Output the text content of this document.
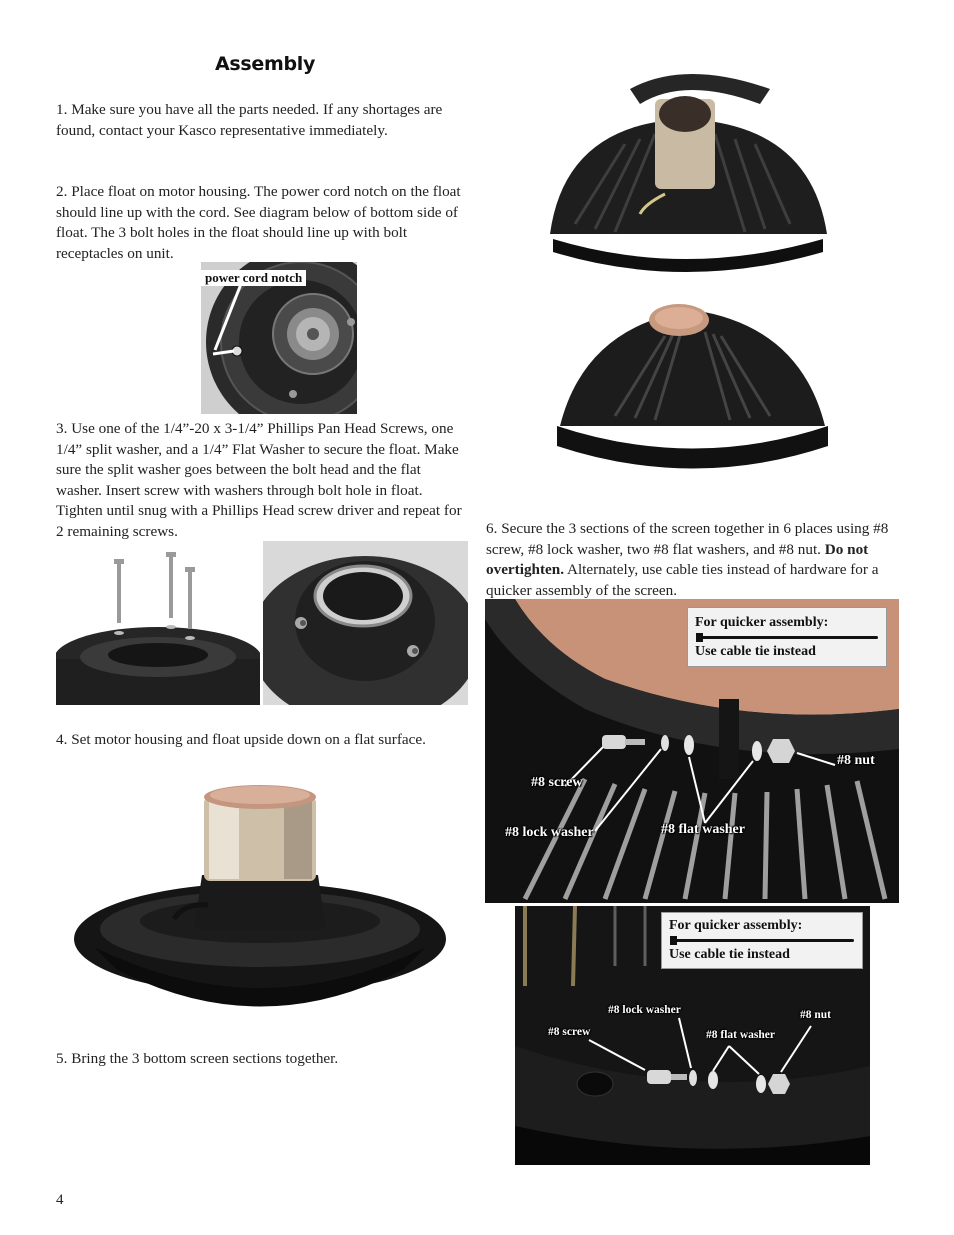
Assembly

1. Make sure you have all the parts needed. If any shortages are found, contact your Kasco representative immediately.

2. Place float on motor housing. The power cord notch on the float should line up with the cord. See diagram below of bottom side of float. The 3 bolt holes in the float should line up with bolt receptacles on unit.

power cord notch

3. Use one of the 1/4”-20 x 3-1/4” Phillips Pan Head Screws, one 1/4” split washer, and a 1/4” Flat Washer to secure the float. Make sure the split washer goes between the bolt head and the flat washer. Insert screw with washers through bolt hole in float. Tighten until snug with a Phillips Head screw driver and repeat for 2 remaining screws.

4. Set motor housing and float upside down on a flat surface.

5. Bring the 3 bottom screen sections together.

6. Secure the 3 sections of the screen together in 6 places using #8 screw, #8 lock washer, two #8 flat washers, and #8 nut. Do not overtighten. Alternately, use cable ties instead of hardware for a quicker assembly of the screen.

For quicker assembly:
Use cable tie instead
#8 screw
#8 lock washer	#8 flat washer
#8 nut
For quicker assembly:
Use cable tie instead
#8 screw
#8 lock washer
#8 flat washer
#8 nut
4
